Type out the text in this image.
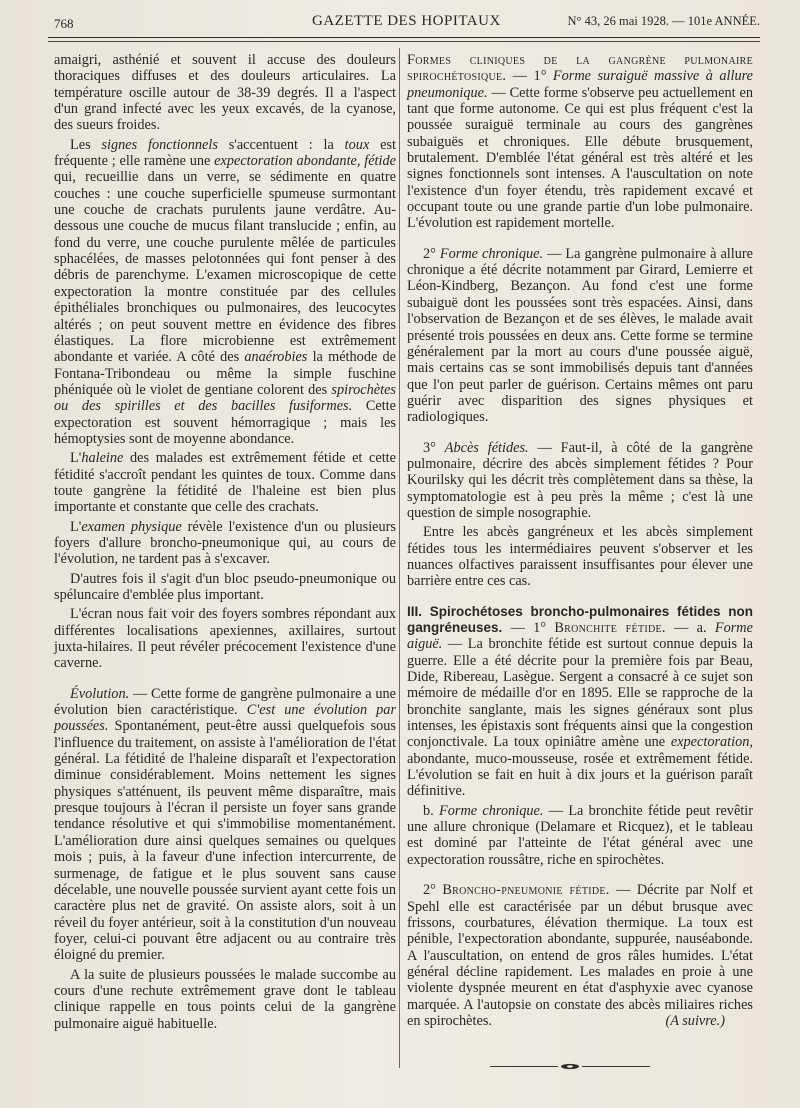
768	GAZETTE DES HOPITAUX	N° 43, 26 mai 1928. — 101e ANNÉE.

amaigri, asthénié et souvent il accuse des douleurs thoraciques diffuses et des douleurs articulaires. La température oscille autour de 38-39 degrés. Il a l'aspect d'un grand infecté avec les yeux excavés, de la cyanose, des sueurs froides.

Les signes fonctionnels s'accentuent : la toux est fréquente ; elle ramène une expectoration abondante, fétide qui, recueillie dans un verre, se sédimente en quatre couches : une couche superficielle spumeuse surmontant une couche de crachats purulents jaune verdâtre. Au-dessous une couche de mucus filant translucide ; enfin, au fond du verre, une couche purulente mêlée de particules sphacélées, de masses pelotonnées qui font penser à des débris de parenchyme. L'examen microscopique de cette expectoration la montre constituée par des cellules épithéliales bronchiques ou pulmonaires, des leucocytes altérés ; on peut souvent mettre en évidence des fibres élastiques. La flore microbienne est extrêmement abondante et variée. A côté des anaérobies la méthode de Fontana-Tribondeau ou même la simple fuschine phéniquée où le violet de gentiane colorent des spirochètes ou des spirilles et des bacilles fusiformes. Cette expectoration est souvent hémorragique ; mais les hémoptysies sont de moyenne abondance.

L'haleine des malades est extrêmement fétide et cette fétidité s'accroît pendant les quintes de toux. Comme dans toute gangrène la fétidité de l'haleine est bien plus importante et constante que celle des crachats.

L'examen physique révèle l'existence d'un ou plusieurs foyers d'allure broncho-pneumonique qui, au cours de l'évolution, ne tardent pas à s'excaver.

D'autres fois il s'agit d'un bloc pseudo-pneumonique ou spéluncaire d'emblée plus important.

L'écran nous fait voir des foyers sombres répondant aux différentes localisations apexiennes, axillaires, surtout juxta-hilaires. Il peut révéler précocement l'existence d'une caverne.

Évolution. — Cette forme de gangrène pulmonaire a une évolution bien caractéristique. C'est une évolution par poussées. Spontanément, peut-être aussi quelquefois sous l'influence du traitement, on assiste à l'amélioration de l'état général. La fétidité de l'haleine disparaît et l'expectoration diminue considérablement. Moins nettement les signes physiques s'atténuent, ils peuvent même disparaître, mais presque toujours à l'écran il persiste un foyer sans grande tendance résolutive et qui s'immobilise momentanément. L'amélioration dure ainsi quelques semaines ou quelques mois ; puis, à la faveur d'une infection intercurrente, de surmenage, de fatigue et le plus souvent sans cause décelable, une nouvelle poussée survient ayant cette fois un caractère plus net de gravité. On assiste alors, soit à un réveil du foyer antérieur, soit à la constitution d'un nouveau foyer, celui-ci pouvant être adjacent ou au contraire très éloigné du premier.

A la suite de plusieurs poussées le malade succombe au cours d'une rechute extrêmement grave dont le tableau clinique rappelle en tous points celui de la gangrène pulmonaire aiguë habituelle.

Formes cliniques de la gangrène pulmonaire spirochétosique. — 1° Forme suraiguë massive à allure pneumonique. — Cette forme s'observe peu actuellement en tant que forme autonome. Ce qui est plus fréquent c'est la poussée suraiguë terminale au cours des gangrènes subaiguës et chroniques. Elle débute brusquement, brutalement. D'emblée l'état général est très altéré et les signes fonctionnels sont intenses. A l'auscultation on note l'existence d'un foyer étendu, très rapidement excavé et occupant toute ou une grande partie d'un lobe pulmonaire. L'évolution est rapidement mortelle.

2° Forme chronique. — La gangrène pulmonaire à allure chronique a été décrite notamment par Girard, Lemierre et Léon-Kindberg, Bezançon. Au fond c'est une forme subaiguë dont les poussées sont très espacées. Ainsi, dans l'observation de Bezançon et de ses élèves, le malade avait présenté trois poussées en deux ans. Cette forme se termine généralement par la mort au cours d'une poussée aiguë, mais certains cas se sont immobilisés depuis tant d'années que l'on peut parler de guérison. Certains mêmes ont paru guérir avec disparition des signes physiques et radiologiques.

3° Abcès fétides. — Faut-il, à côté de la gangrène pulmonaire, décrire des abcès simplement fétides ? Pour Kourilsky qui les décrit très complètement dans sa thèse, la symptomatologie est à peu près la même ; c'est là une question de simple nosographie.

Entre les abcès gangréneux et les abcès simplement fétides tous les intermédiaires peuvent s'observer et les nuances olfactives paraissent insuffisantes pour élever une barrière entre ces cas.

III. Spirochétoses broncho-pulmonaires fétides non gangréneuses. — 1° Bronchite fétide. — a. Forme aiguë. — La bronchite fétide est surtout connue depuis la guerre. Elle a été décrite pour la première fois par Beau, Dide, Ribereau, Lasègue. Sergent a consacré à ce sujet son mémoire de médaille d'or en 1895. Elle se rapproche de la bronchite sanglante, mais les signes généraux sont plus intenses, les épistaxis sont fréquents ainsi que la congestion conjonctivale. La toux opiniâtre amène une expectoration, abondante, muco-mousseuse, rosée et extrêmement fétide. L'évolution se fait en huit à dix jours et la guérison paraît définitive.

b. Forme chronique. — La bronchite fétide peut revêtir une allure chronique (Delamare et Ricquez), et le tableau est dominé par l'atteinte de l'état général avec une expectoration roussâtre, riche en spirochètes.

2° Broncho-pneumonie fétide. — Décrite par Nolf et Spehl elle est caractérisée par un début brusque avec frissons, courbatures, élévation thermique. La toux est pénible, l'expectoration abondante, suppurée, nauséabonde. A l'auscultation, on entend de gros râles humides. L'état général décline rapidement. Les malades en proie à une violente dyspnée meurent en état d'asphyxie avec cyanose marquée. A l'autopsie on constate des abcès miliaires riches en spirochètes.	(A suivre.)
